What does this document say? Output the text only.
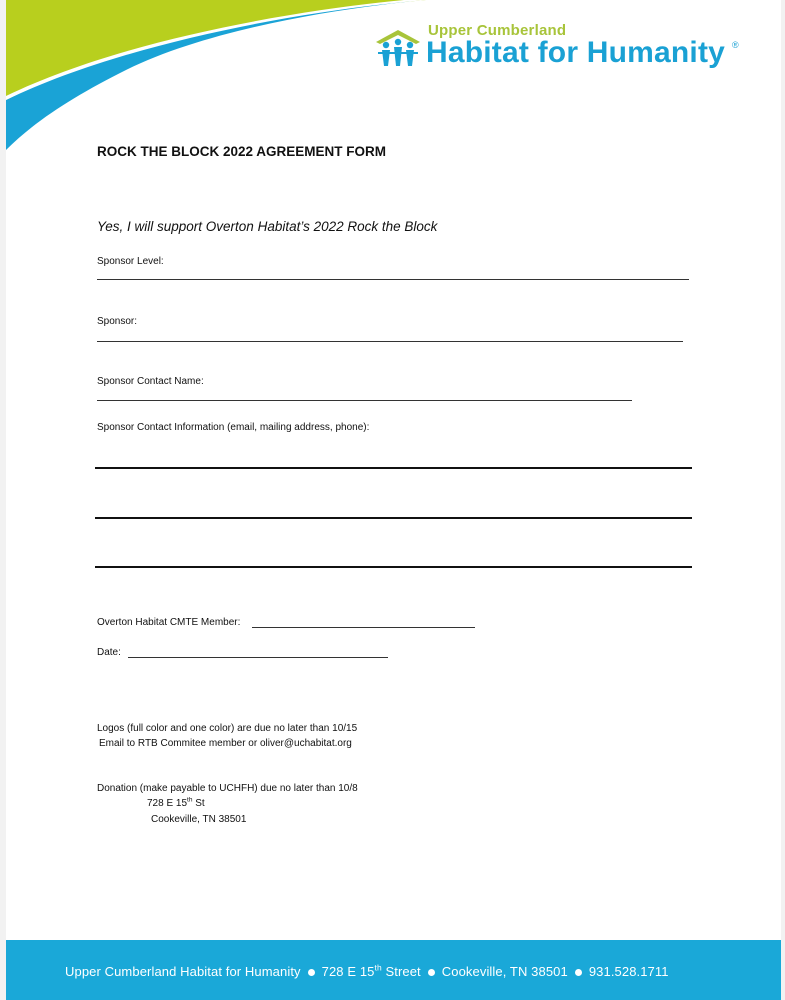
Upper Cumberland
Habitat for Humanity ®
ROCK THE BLOCK 2022 AGREEMENT FORM
Yes, I will support Overton Habitat’s 2022 Rock the Block
Sponsor Level:
Sponsor:
Sponsor Contact Name:
Sponsor Contact Information (email, mailing address, phone):
Overton Habitat CMTE Member:
Date:
Logos (full color and one color) are due no later than 10/15
Email to RTB Commitee member or oliver@uchabitat.org
Donation (make payable to UCHFH) due no later than 10/8
728 E 15th St
Cookeville, TN 38501
Upper Cumberland Habitat for Humanity 728 E 15th Street Cookeville, TN 38501 931.528.1711
